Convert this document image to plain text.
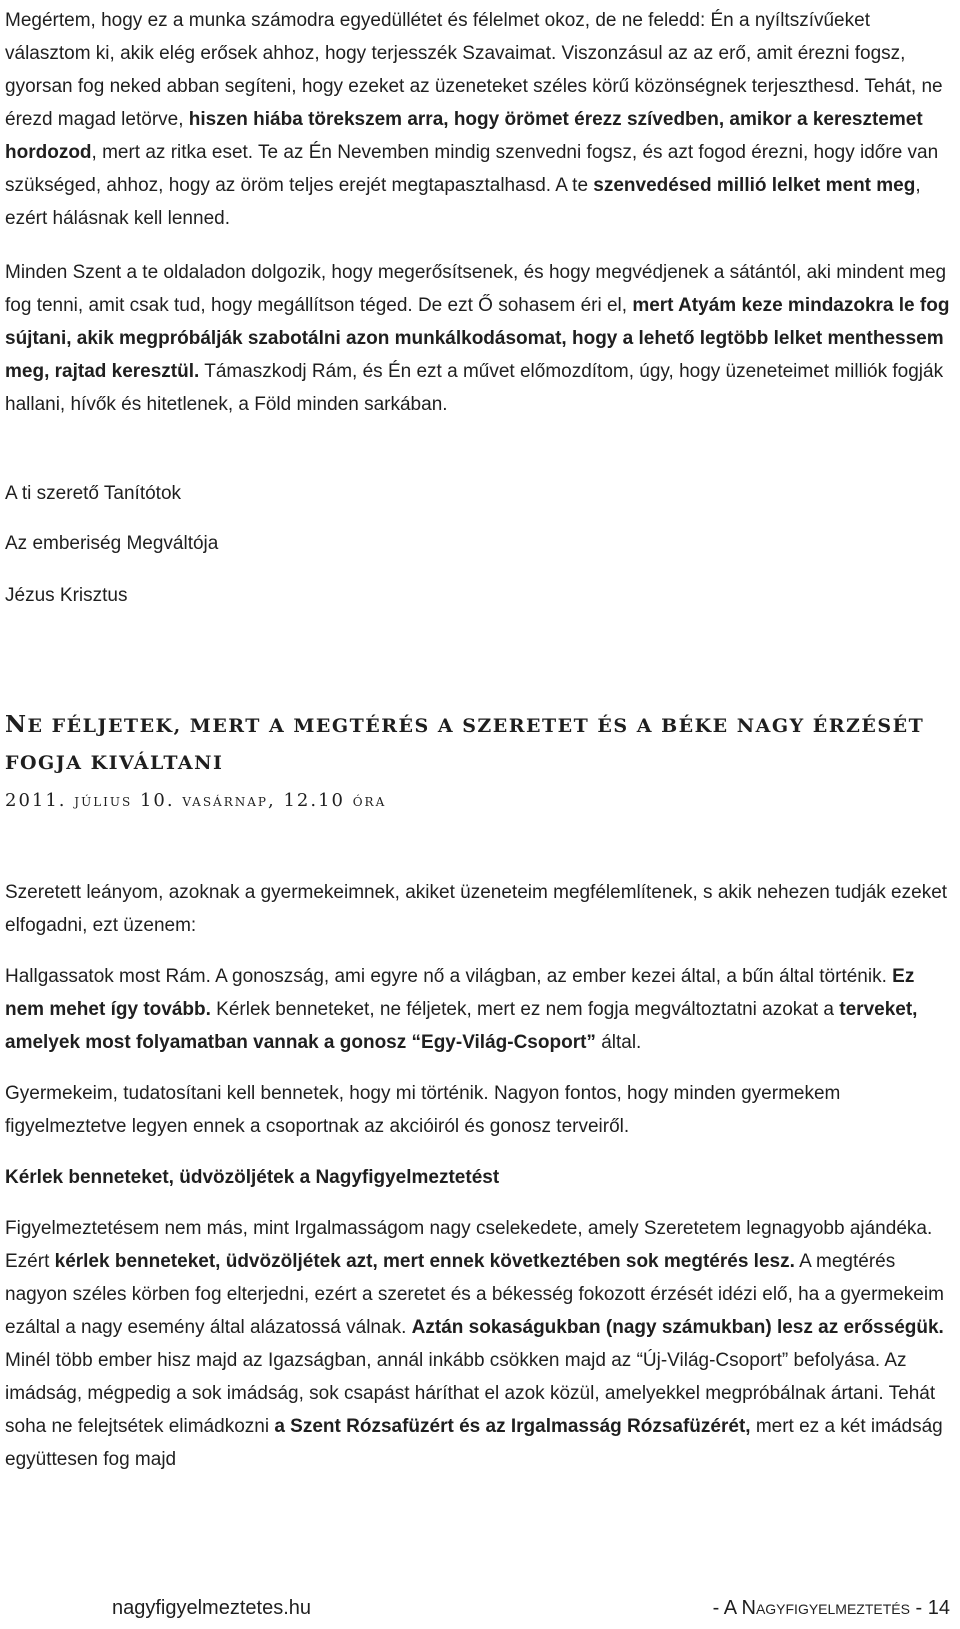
Megértem, hogy ez a munka számodra egyedüllétet és félelmet okoz, de ne feledd: Én a nyíltszívűeket választom ki, akik elég erősek ahhoz, hogy terjesszék Szavaimat. Viszonzásul az az erő, amit érezni fogsz, gyorsan fog neked abban segíteni, hogy ezeket az üzeneteket széles körű közönségnek terjeszthesd. Tehát, ne érezd magad letörve, hiszen hiába törekszem arra, hogy örömet érezz szívedben, amikor a keresztemet hordozod, mert az ritka eset. Te az Én Nevemben mindig szenvedni fogsz, és azt fogod érezni, hogy időre van szükséged, ahhoz, hogy az öröm teljes erejét megtapasztalhasd. A te szenvedésed millió lelket ment meg, ezért hálásnak kell lenned.

Minden Szent a te oldaladon dolgozik, hogy megerősítsenek, és hogy megvédjenek a sátántól, aki mindent meg fog tenni, amit csak tud, hogy megállítson téged. De ezt Ő sohasem éri el, mert Atyám keze mindazokra le fog sújtani, akik megpróbálják szabotálni azon munkálkodásomat, hogy a lehető legtöbb lelket menthessem meg, rajtad keresztül. Támaszkodj Rám, és Én ezt a művet előmozdítom, úgy, hogy üzeneteimet milliók fogják hallani, hívők és hitetlenek, a Föld minden sarkában.

A ti szerető Tanítótok

Az emberiség Megváltója

Jézus Krisztus

NE FÉLJETEK, MERT A MEGTÉRÉS A SZERETET ÉS A BÉKE NAGY ÉRZÉSÉT
FOGJA KIVÁLTANI
2011. JÚLIUS 10. VASÁRNAP, 12.10 ÓRA

Szeretett leányom, azoknak a gyermekeimnek, akiket üzeneteim megfélemlítenek, s akik nehezen tudják ezeket elfogadni, ezt üzenem:

Hallgassatok most Rám. A gonoszság, ami egyre nő a világban, az ember kezei által, a bűn által történik. Ez nem mehet így tovább. Kérlek benneteket, ne féljetek, mert ez nem fogja megváltoztatni azokat a terveket, amelyek most folyamatban vannak a gonosz “Egy-Világ-Csoport” által.

Gyermekeim, tudatosítani kell bennetek, hogy mi történik. Nagyon fontos, hogy minden gyermekem figyelmeztetve legyen ennek a csoportnak az akcióiról és gonosz terveiről.

Kérlek benneteket, üdvözöljétek a Nagyfigyelmeztetést

Figyelmeztetésem nem más, mint Irgalmasságom nagy cselekedete, amely Szeretetem legnagyobb ajándéka. Ezért kérlek benneteket, üdvözöljétek azt, mert ennek következtében sok megtérés lesz. A megtérés nagyon széles körben fog elterjedni, ezért a szeretet és a békesség fokozott érzését idézi elő, ha a gyermekeim ezáltal a nagy esemény által alázatossá válnak. Aztán sokaságukban (nagy számukban) lesz az erősségük. Minél több ember hisz majd az Igazságban, annál inkább csökken majd az “Új-Világ-Csoport” befolyása. Az imádság, mégpedig a sok imádság, sok csapást háríthat el azok közül, amelyekkel megpróbálnak ártani. Tehát soha ne felejtsétek elimádkozni a Szent Rózsafüzért és az Irgalmasság Rózsafüzérét, mert ez a két imádság együttesen fog majd

nagyfigyelmeztetes.hu	- A NAGYFIGYELMEZTETÉS - 14
